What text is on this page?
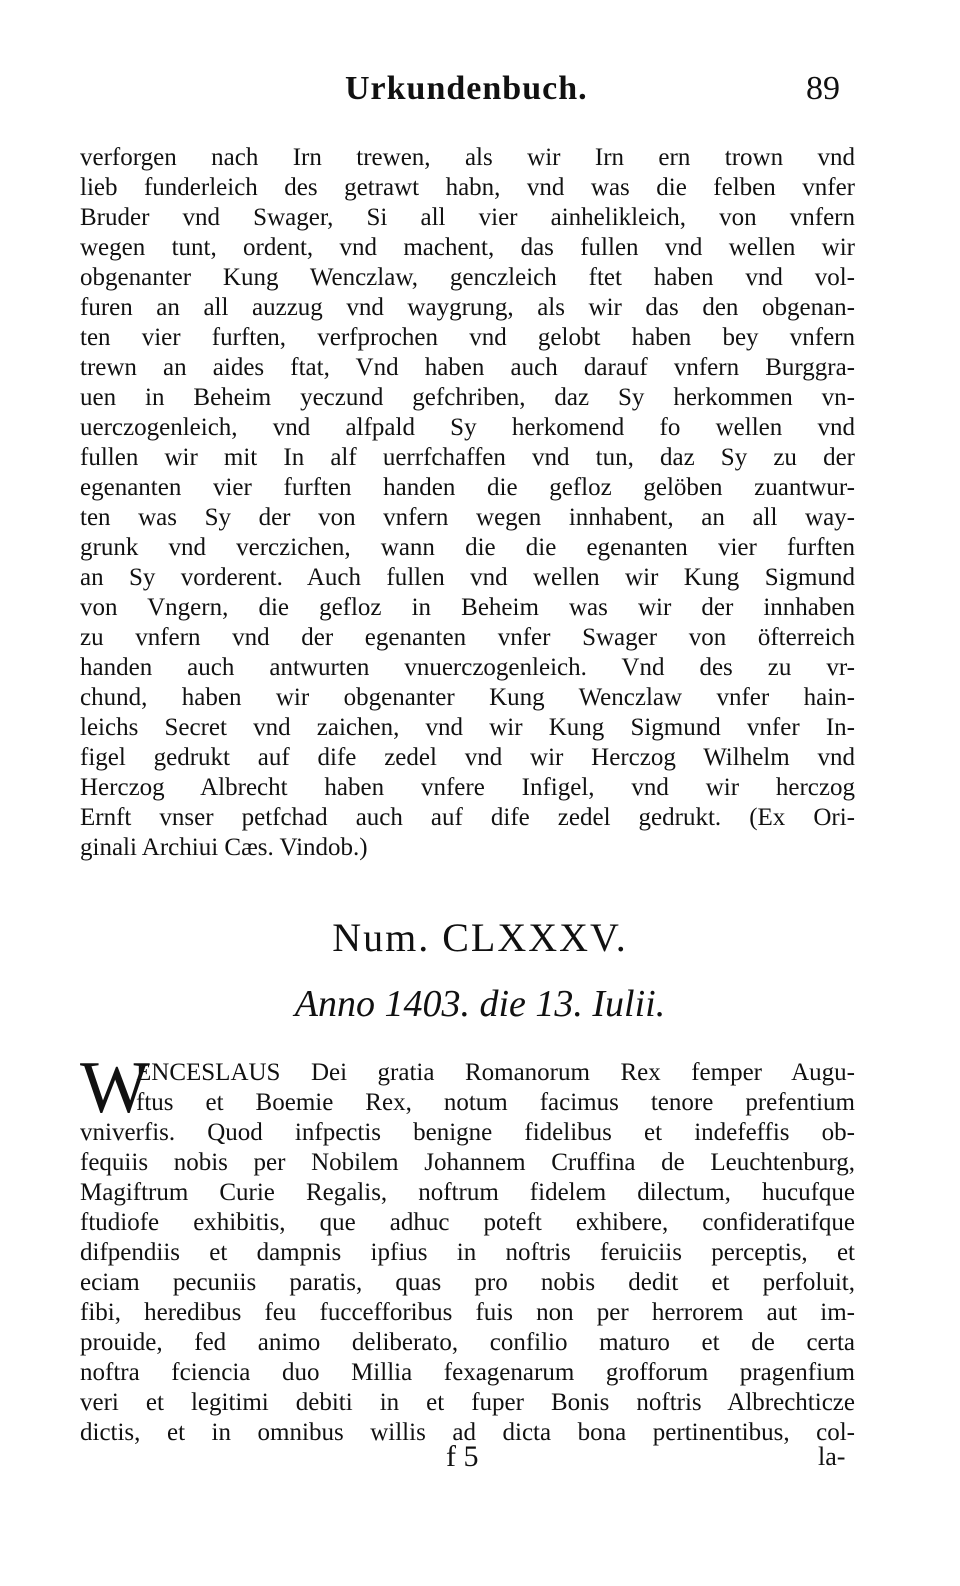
Urkundenbuch.	89
verforgen nach Irn trewen, als wir Irn ern trown vnd
lieb funderleich des getrawt habn, vnd was die felben vnfer
Bruder vnd Swager, Si all vier ainhelikleich, von vnfern
wegen tunt, ordent, vnd machent, das fullen vnd wellen wir
obgenanter Kung Wenczlaw, genczleich ftet haben vnd vol-
furen an all auzzug vnd waygrung, als wir das den obgenan-
ten vier furften, verfprochen vnd gelobt haben bey vnfern
trewn an aides ftat, Vnd haben auch darauf vnfern Burggra-
uen in Beheim yeczund gefchriben, daz Sy herkommen vn-
uerczogenleich, vnd alfpald Sy herkomend fo wellen vnd
fullen wir mit In alf uerrfchaffen vnd tun, daz Sy zu der
egenanten vier furften handen die gefloz gelöben zuantwur-
ten was Sy der von vnfern wegen innhabent, an all way-
grunk vnd verczichen, wann die die egenanten vier furften
an Sy vorderent. Auch fullen vnd wellen wir Kung Sigmund
von Vngern, die gefloz in Beheim was wir der innhaben
zu vnfern vnd der egenanten vnfer Swager von öfterreich
handen auch antwurten vnuerczogenleich. Vnd des zu vr-
chund, haben wir obgenanter Kung Wenczlaw vnfer hain-
leichs Secret vnd zaichen, vnd wir Kung Sigmund vnfer In-
figel gedrukt auf dife zedel vnd wir Herczog Wilhelm vnd
Herczog Albrecht haben vnfere Infigel, vnd wir herczog
Ernft vnser petfchad auch auf dife zedel gedrukt. (Ex Ori-
ginali Archiui Cæs. Vindob.)
Num. CLXXXV.
Anno 1403. die 13. Iulii.
W
ENCESLAUS Dei gratia Romanorum Rex femper Augu-
ftus et Boemie Rex, notum facimus tenore prefentium
vniverfis. Quod infpectis benigne fidelibus et indefeffis ob-
fequiis nobis per Nobilem Johannem Cruffina de Leuchtenburg,
Magiftrum Curie Regalis, noftrum fidelem dilectum, hucufque
ftudiofe exhibitis, que adhuc poteft exhibere, confideratifque
difpendiis et dampnis ipfius in noftris feruiciis perceptis, et
eciam pecuniis paratis, quas pro nobis dedit et perfoluit,
fibi, heredibus feu fuccefforibus fuis non per herrorem aut im-
prouide, fed animo deliberato, confilio maturo et de certa
noftra fciencia duo Millia fexagenarum grofforum pragenfium
veri et legitimi debiti in et fuper Bonis noftris Albrechticze
dictis, et in omnibus willis ad dicta bona pertinentibus, col-
f 5	la-
